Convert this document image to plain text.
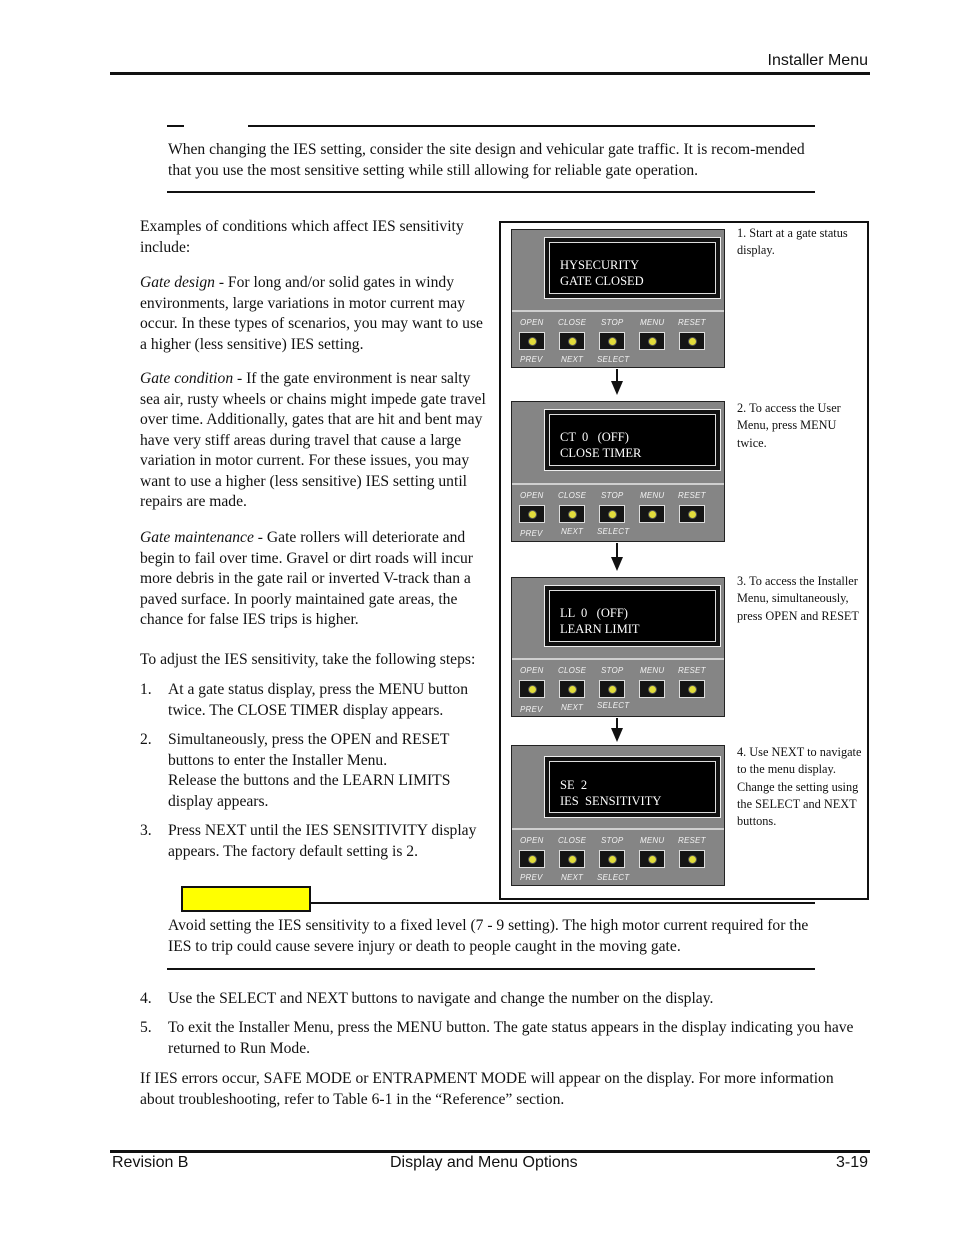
Installer Menu
When changing the IES setting, consider the site design and vehicular gate traffic. It is recom-mended that you use the most sensitive setting while still allowing for reliable gate operation.
Examples of conditions which affect IES sensitivity include:
Gate design - For long and/or solid gates in windy environments, large variations in motor current may occur. In these types of scenarios, you may want to use a higher (less sensitive) IES setting.
Gate condition - If the gate environment is near salty sea air, rusty wheels or chains might impede gate travel over time. Additionally, gates that are hit and bent may have very stiff areas during travel that cause a large variation in motor current. For these issues, you may want to use a higher (less sensitive) IES setting until repairs are made.
Gate maintenance - Gate rollers will deteriorate and begin to fail over time. Gravel or dirt roads will incur more debris in the gate rail or inverted V-track than a paved surface. In poorly maintained gate areas, the chance for false IES trips is higher.
To adjust the IES sensitivity, take the following steps:
1. At a gate status display, press the MENU button twice. The CLOSE TIMER display appears.
2. Simultaneously, press the OPEN and RESET buttons to enter the Installer Menu.
Release the buttons and the LEARN LIMITS display appears.
3. Press NEXT until the IES SENSITIVITY display appears. The factory default setting is 2.
HYSECURITY
GATE CLOSED
OPEN CLOSE STOP MENU RESET
PREV NEXT SELECT
1. Start at a gate status display.
CT  0   (OFF)
CLOSE TIMER
OPEN CLOSE STOP MENU RESET
PREV NEXT SELECT
2. To access the User Menu, press MENU twice.
LL  0   (OFF)
LEARN LIMIT
OPEN CLOSE STOP MENU RESET
PREV NEXT SELECT
3. To access the Installer Menu, simultaneously, press OPEN and RESET
SE  2
IES  SENSITIVITY
OPEN CLOSE STOP MENU RESET
PREV NEXT SELECT
4. Use NEXT to navigate to the menu display. Change the setting using the SELECT and NEXT buttons.
Avoid setting the IES sensitivity to a fixed level (7 - 9 setting). The high motor current required for the IES to trip could cause severe injury or death to people caught in the moving gate.
4. Use the SELECT and NEXT buttons to navigate and change the number on the display.
5. To exit the Installer Menu, press the MENU button. The gate status appears in the display indicating you have returned to Run Mode.
If IES errors occur, SAFE MODE or ENTRAPMENT MODE will appear on the display. For more information about troubleshooting, refer to Table 6-1 in the “Reference” section.
Revision B	Display and Menu Options	3-19
